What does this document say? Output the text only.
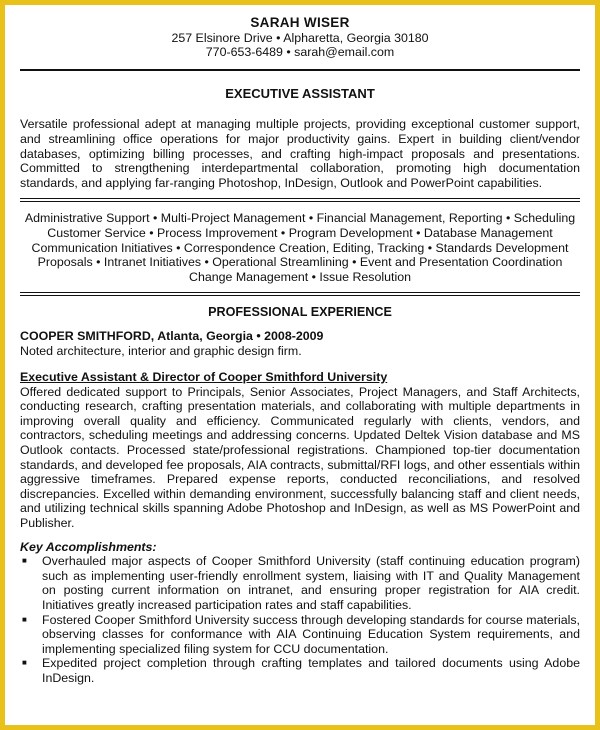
SARAH WISER
257 Elsinore Drive • Alpharetta, Georgia 30180
770-653-6489 • sarah@email.com
EXECUTIVE ASSISTANT
Versatile professional adept at managing multiple projects, providing exceptional customer support, and streamlining office operations for major productivity gains. Expert in building client/vendor databases, optimizing billing processes, and crafting high-impact proposals and presentations. Committed to strengthening interdepartmental collaboration, promoting high documentation standards, and applying far-ranging Photoshop, InDesign, Outlook and PowerPoint capabilities.
Administrative Support • Multi-Project Management • Financial Management, Reporting • Scheduling
Customer Service • Process Improvement • Program Development • Database Management
Communication Initiatives • Correspondence Creation, Editing, Tracking • Standards Development
Proposals • Intranet Initiatives • Operational Streamlining • Event and Presentation Coordination
Change Management • Issue Resolution
PROFESSIONAL EXPERIENCE
COOPER SMITHFORD, Atlanta, Georgia • 2008-2009
Noted architecture, interior and graphic design firm.
Executive Assistant & Director of Cooper Smithford University
Offered dedicated support to Principals, Senior Associates, Project Managers, and Staff Architects, conducting research, crafting presentation materials, and collaborating with multiple departments in improving overall quality and efficiency. Communicated regularly with clients, vendors, and contractors, scheduling meetings and addressing concerns. Updated Deltek Vision database and MS Outlook contacts. Processed state/professional registrations. Championed top-tier documentation standards, and developed fee proposals, AIA contracts, submittal/RFI logs, and other essentials within aggressive timeframes. Prepared expense reports, conducted reconciliations, and resolved discrepancies. Excelled within demanding environment, successfully balancing staff and client needs, and utilizing technical skills spanning Adobe Photoshop and InDesign, as well as MS PowerPoint and Publisher.
Key Accomplishments:
■ Overhauled major aspects of Cooper Smithford University (staff continuing education program) such as implementing user-friendly enrollment system, liaising with IT and Quality Management on posting current information on intranet, and ensuring proper registration for AIA credit. Initiatives greatly increased participation rates and staff capabilities.
■ Fostered Cooper Smithford University success through developing standards for course materials, observing classes for conformance with AIA Continuing Education System requirements, and implementing specialized filing system for CCU documentation.
■ Expedited project completion through crafting templates and tailored documents using Adobe InDesign.
